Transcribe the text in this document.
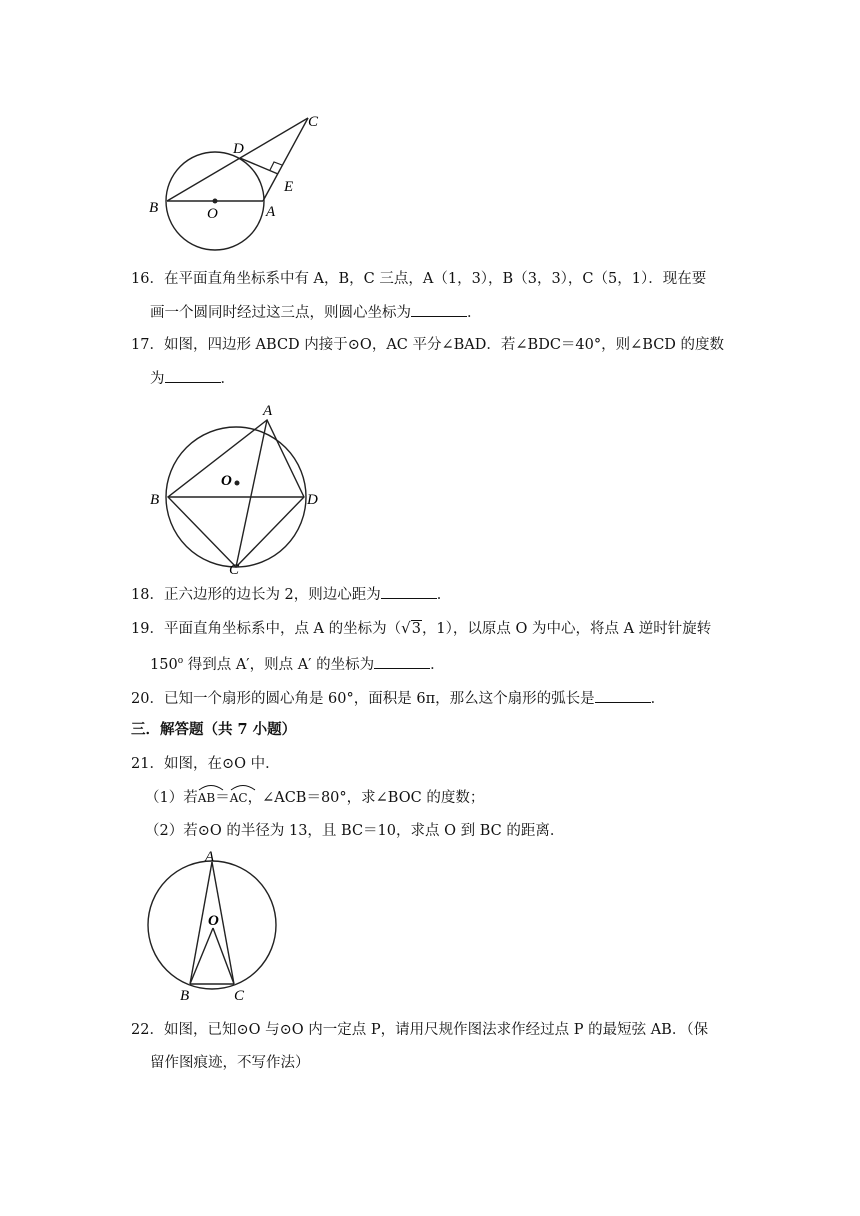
B	O	A
D
C
E
16．在平面直角坐标系中有 A，B，C 三点，A（1，3），B（3，3），C（5，1）．现在要
画一个圆同时经过这三点，则圆心坐标为	．
17．如图，四边形 ABCD 内接于⊙O，AC 平分∠BAD．若∠BDC＝40°，则∠BCD 的度数
为	．
A
B
C
D
O
18．正六边形的边长为 2，则边心距为	．
19．平面直角坐标系中，点 A 的坐标为（√3，1），以原点 O 为中心，将点 A 逆时针旋转
150$^o$ 得到点 A′，则点 A′ 的坐标为	．
20．已知一个扇形的圆心角是 60°，面积是 6π，那么这个扇形的弧长是	．
三．解答题（共 7 小题）
21．如图，在⊙O 中．
（1）若
AB＝
AC，∠ACB＝80°，求∠BOC 的度数；
（2）若⊙O 的半径为 13，且 BC＝10，求点 O 到 BC 的距离．
A
O
B	C
22．如图，已知⊙O 与⊙O 内一定点 P，请用尺规作图法求作经过点 P 的最短弦 AB．（保
留作图痕迹，不写作法）
